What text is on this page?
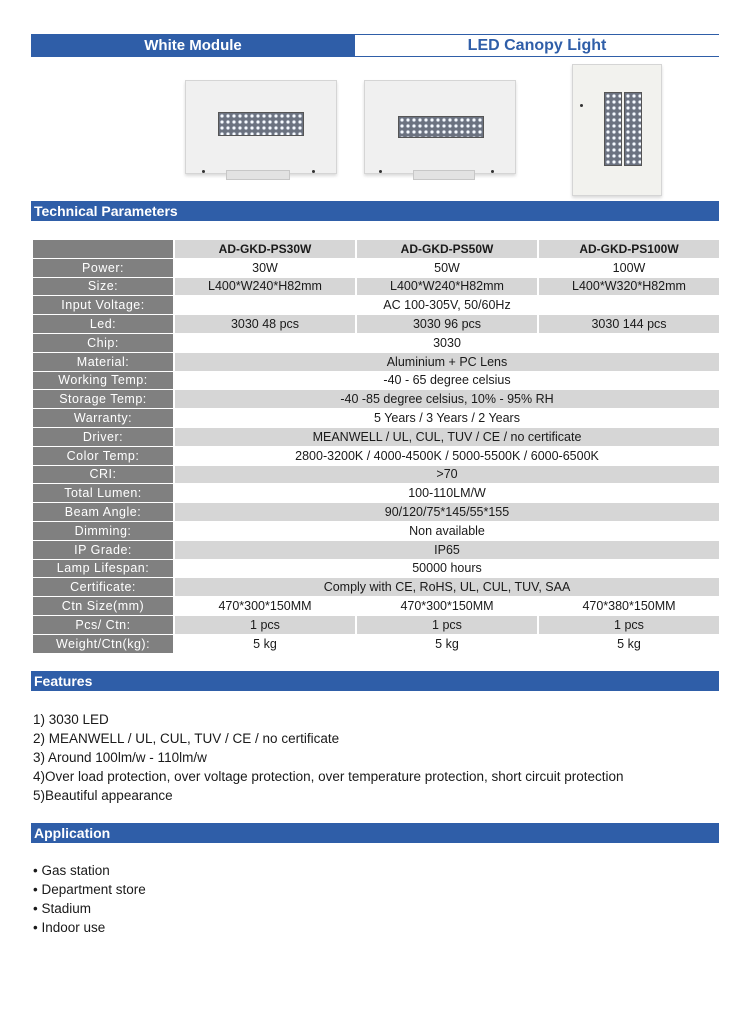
White Module	LED Canopy Light
Technical Parameters
	AD-GKD-PS30W	AD-GKD-PS50W	AD-GKD-PS100W
Power:	30W	50W	100W
Size:	L400*W240*H82mm	L400*W240*H82mm	L400*W320*H82mm
Input Voltage:	AC 100-305V, 50/60Hz		
Led:	3030 48 pcs	3030 96 pcs	3030 144 pcs
Chip:	3030		
Material:	Aluminium + PC Lens		
Working Temp:	-40 - 65 degree celsius		
Storage Temp:	-40 -85 degree celsius, 10% - 95% RH		
Warranty:	5 Years / 3 Years / 2 Years		
Driver:	MEANWELL / UL, CUL, TUV / CE / no certificate		
Color Temp:	2800-3200K / 4000-4500K / 5000-5500K / 6000-6500K		
CRI:	>70		
Total Lumen:	100-110LM/W		
Beam Angle:	90/120/75*145/55*155		
Dimming:	Non available		
IP Grade:	IP65		
Lamp Lifespan:	50000 hours		
Certificate:	Comply with CE, RoHS, UL, CUL, TUV, SAA		
Ctn Size(mm)	470*300*150MM	470*300*150MM	470*380*150MM
Pcs/ Ctn:	1 pcs	1 pcs	1 pcs
Weight/Ctn(kg):	5 kg	5 kg	5 kg
Features
1) 3030 LED
2) MEANWELL / UL, CUL, TUV / CE / no certificate
3) Around 100lm/w - 110lm/w
4)Over load protection, over voltage protection, over temperature protection, short circuit protection
5)Beautiful appearance
Application
• Gas station
• Department store
• Stadium
• Indoor use
